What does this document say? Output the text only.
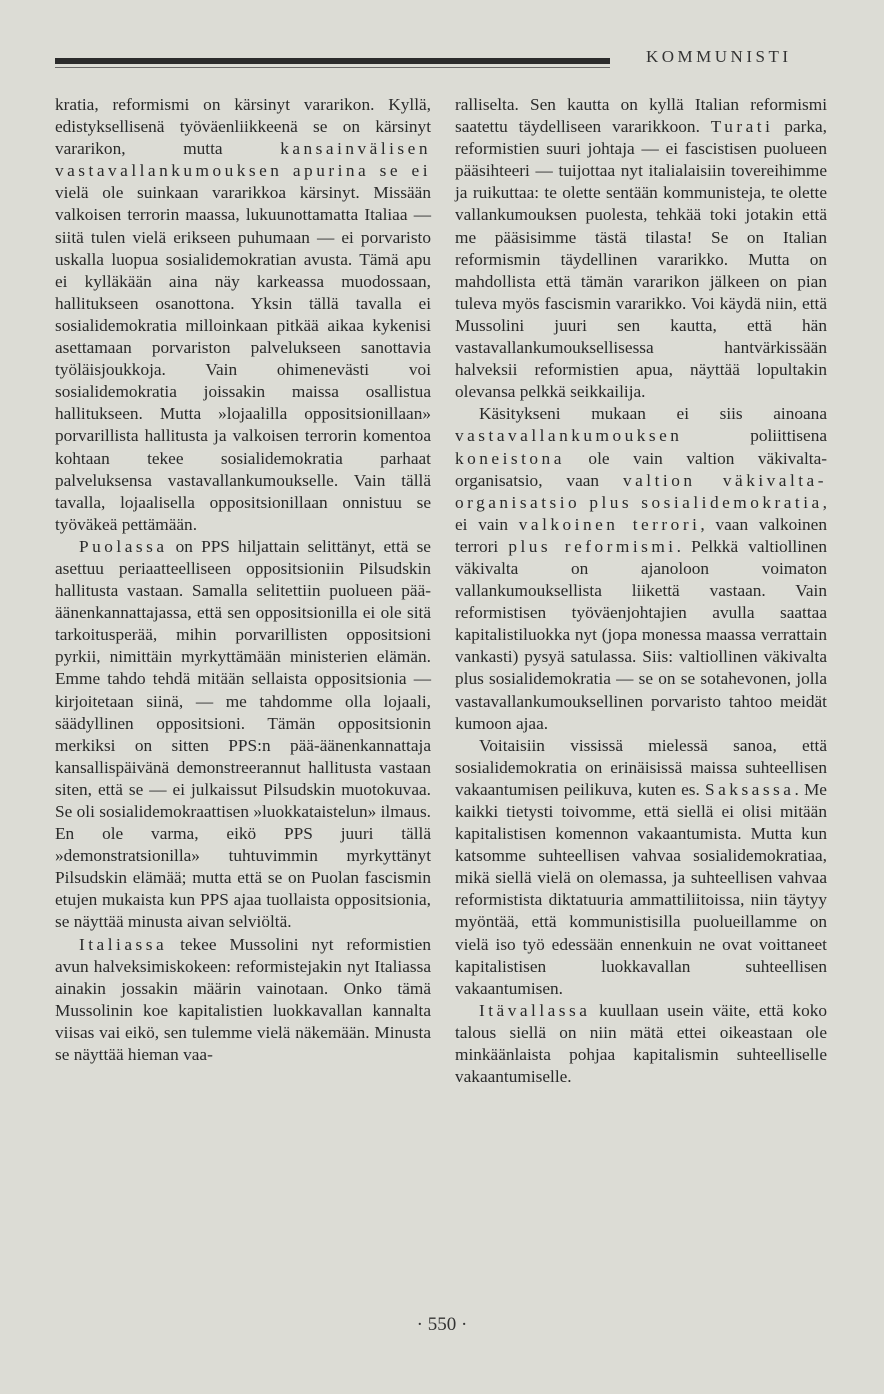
KOMMUNISTI

kratia, reformismi on kärsinyt vararikon. Kyllä, edistyksellisenä työväenliikkeenä se on kärsinyt vararikon, mutta	kansainvälisen vastavallankumouksen apurina se ei vielä ole suinkaan vararikkoa kärsinyt. Missään valkoisen terrorin maassa, lukuunottamatta Italiaa — siitä tulen vielä erikseen puhumaan — ei porvaristo uskalla luopua sosialidemokratian avusta. Tämä apu ei kylläkään aina näy karkeassa muodossaan, hallitukseen osanottona. Yksin tällä tavalla ei sosialidemokratia milloinkaan pitkää aikaa kykenisi asettamaan porvariston palvelukseen sanottavia työläisjoukkoja. Vain ohimenevästi voi sosialidemokratia joissakin maissa osallistua hallitukseen. Mutta »lojaalilla oppositsionillaan» porvarillista hallitusta ja valkoisen terrorin komentoa kohtaan tekee sosialidemokratia parhaat palveluksensa vastavallankumoukselle. Vain tällä tavalla, lojaalisella oppositsionillaan onnistuu se työväkeä pettämään.

Puolassa on PPS hiljattain selittänyt, että se asettuu periaatteelliseen oppositsioniin Pilsudskin hallitusta vastaan. Samalla selitettiin puolueen pää-äänenkannattajassa, että sen oppositsionilla ei ole sitä tarkoitusperää, mihin porvarillisten oppositsioni pyrkii, nimittäin myrkyttämään ministerien elämän. Emme tahdo tehdä mitään sellaista oppositsionia — kirjoitetaan siinä, — me tahdomme olla lojaali, säädyllinen oppositsioni. Tämän oppositsionin merkiksi on sitten PPS:n pää-äänenkannattaja kansallispäivänä demonstreerannut hallitusta vastaan siten, että se — ei julkaissut Pilsudskin muotokuvaa. Se oli sosialidemokraattisen »luokkataistelun» ilmaus. En ole varma, eikö PPS juuri tällä »demonstratsionilla» tuhtuvimmin myrkyttänyt Pilsudskin elämää; mutta että se on Puolan fascismin etujen mukaista kun PPS ajaa tuollaista oppositsionia, se näyttää minusta aivan selviöltä.

Italiassa tekee Mussolini nyt reformistien avun halveksimiskokeen: reformistejakin nyt Italiassa ainakin jossakin määrin vainotaan. Onko tämä Mussolinin koe kapitalistien luokkavallan kannalta viisas vai eikö, sen tulemme vielä näkemään. Minusta se näyttää hieman vaa-

ralliselta. Sen kautta on kyllä Italian reformismi saatettu täydelliseen vararikkoon. Turati parka, reformistien suuri johtaja — ei fascistisen puolueen pääsihteeri — tuijottaa nyt italialaisiin tovereihimme ja ruikuttaa: te olette sentään kommunisteja, te olette vallankumouksen puolesta, tehkää toki jotakin että me pääsisimme tästä tilasta! Se on Italian reformismin täydellinen vararikko. Mutta on mahdollista että tämän vararikon jälkeen on pian tuleva myös fascismin vararikko. Voi käydä niin, että Mussolini juuri sen kautta, että hän vastavallankumouksellisessa hantvärkissään halveksii reformistien apua, näyttää lopultakin olevansa pelkkä seikkailija.

Käsitykseni mukaan ei siis ainoana vastavallankumouksen	poliittisena koneistona ole vain valtion väkivalta-organisatsio, vaan valtion väkivalta-organisatsio plus sosialidemokratia, ei vain valkoinen terrori, vaan valkoinen terrori plus reformismi. Pelkkä valtiollinen väkivalta on ajanoloon voimaton vallankumouksellista liikettä vastaan. Vain reformistisen työväenjohtajien avulla saattaa kapitalistiluokka nyt (jopa monessa maassa verrattain vankasti) pysyä satulassa. Siis: valtiollinen väkivalta plus sosialidemokratia — se on se sotahevonen, jolla vastavallankumouksellinen porvaristo tahtoo meidät kumoon ajaa.

Voitaisiin vississä mielessä sanoa, että sosialidemokratia on erinäisissä maissa suhteellisen vakaantumisen peilikuva, kuten es. Saksassa. Me kaikki tietysti toivomme, että siellä ei olisi mitään kapitalistisen komennon vakaantumista. Mutta kun katsomme suhteellisen vahvaa sosialidemokratiaa, mikä siellä vielä on olemassa, ja suhteellisen vahvaa reformistista diktatuuria ammattiliitoissa, niin täytyy myöntää, että kommunistisilla puolueillamme on vielä iso työ edessään ennenkuin ne ovat voittaneet kapitalistisen luokkavallan suhteellisen vakaantumisen.

Itävallassa kuullaan usein väite, että koko talous siellä on niin mätä ettei oikeastaan ole minkäänlaista pohjaa kapitalismin suhteelliselle vakaantumiselle.

· 550 ·
